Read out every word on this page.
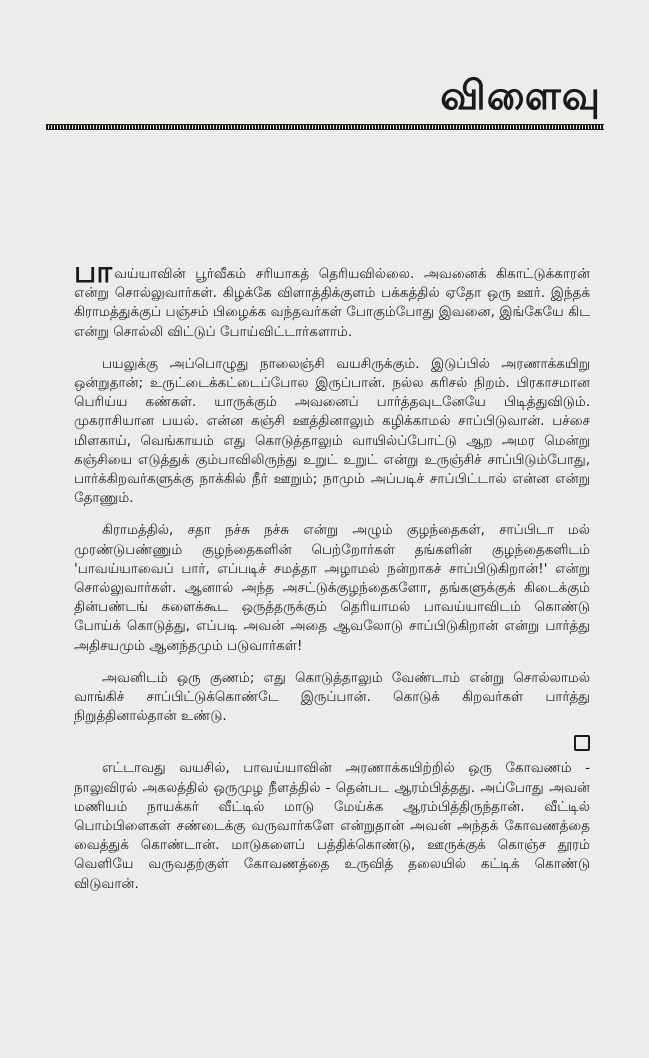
விளைவு

பாவய்யாவின் பூர்வீகம் சரியாகத் தெரியவில்லை. அவனைக் கிகாட்டுக்காரன் என்று சொல்லுவார்கள். கிழக்கே விளாத்திக்குளம் பக்கத்தில் ஏதோ ஒரு ஊர். இந்தக் கிராமத்துக்குப் பஞ்சம் பிழைக்க வந்தவர்கள் போகும்போது இவனை, இங்கேயே கிட என்று சொல்லி விட்டுப் போய்விட்டார்களாம்.

பயலுக்கு அப்பொழுது நாலைஞ்சி வயசிருக்கும். இடுப்பில் அரணாக்கயிறு ஒன்றுதான்; உருட்டைக்கட்டைப்போல இருப்பான். நல்ல கரிசல் நிறம். பிரகாசமான பெரிய்ய கண்கள். யாருக்கும் அவனைப் பார்த்தவுடனேயே பிடித்துவிடும். முகராசியான பயல். என்ன கஞ்சி ஊத்தினாலும் கழிக்காமல் சாப்பிடுவான். பச்சை மிளகாய், வெங்காயம் எது கொடுத்தாலும் வாயில்ப்போட்டு ஆற அமர மென்று கஞ்சியை எடுத்துக் கும்பாவிலிருந்து உறுட் உறுட் என்று உருஞ்சிச் சாப்பிடும்போது, பார்க்கிறவர்களுக்கு நாக்கில் நீர் ஊறும்; நாமும் அப்படிச் சாப்பிட்டால் என்ன என்று தோணும்.

கிராமத்தில், சதா நச்சு நச்சு என்று அழும் குழந்தைகள், சாப்பிடா மல் முரண்டுபண்ணும் குழந்தைகளின் பெற்றோர்கள் தங்களின் குழந்தைகளிடம் 'பாவய்யாவைப் பார், எப்படிச் சமத்தா அழாமல் நன்றாகச் சாப்பிடுகிறான்!' என்று சொல்லுவார்கள். ஆனால் அந்த அசட்டுக்குழந்தைகளோ, தங்களுக்குக் கிடைக்கும் தின்பண்டங் களைக்கூட ஒருத்தருக்கும் தெரியாமல் பாவய்யாவிடம் கொண்டு போய்க் கொடுத்து, எப்படி அவன் அதை ஆவலோடு சாப்பிடுகிறான் என்று பார்த்து அதிசயமும் ஆனந்தமும் படுவார்கள்!

அவனிடம் ஒரு குணம்; எது கொடுத்தாலும் வேண்டாம் என்று சொல்லாமல் வாங்கிச் சாப்பிட்டுக்கொண்டே இருப்பான். கொடுக் கிறவர்கள் பார்த்து நிறுத்தினால்தான் உண்டு.

எட்டாவது வயசில், பாவய்யாவின் அரணாக்கயிற்றில் ஒரு கோவணம் - நாலுவிரல் அகலத்தில் ஒருமுழ நீளத்தில் - தென்பட ஆரம்பித்தது. அப்போது அவன் மணியம் நாயக்கர் வீட்டில் மாடு மேய்க்க ஆரம்பித்திருந்தான். வீட்டில் பொம்பிளைகள் சண்டைக்கு வருவார்களே என்றுதான் அவன் அந்தக் கோவணத்தை வைத்துக் கொண்டான். மாடுகளைப் பத்திக்கொண்டு, ஊருக்குக் கொஞ்ச தூரம் வெளியே வருவதற்குள் கோவணத்தை உருவித் தலையில் கட்டிக் கொண்டு விடுவான்.
